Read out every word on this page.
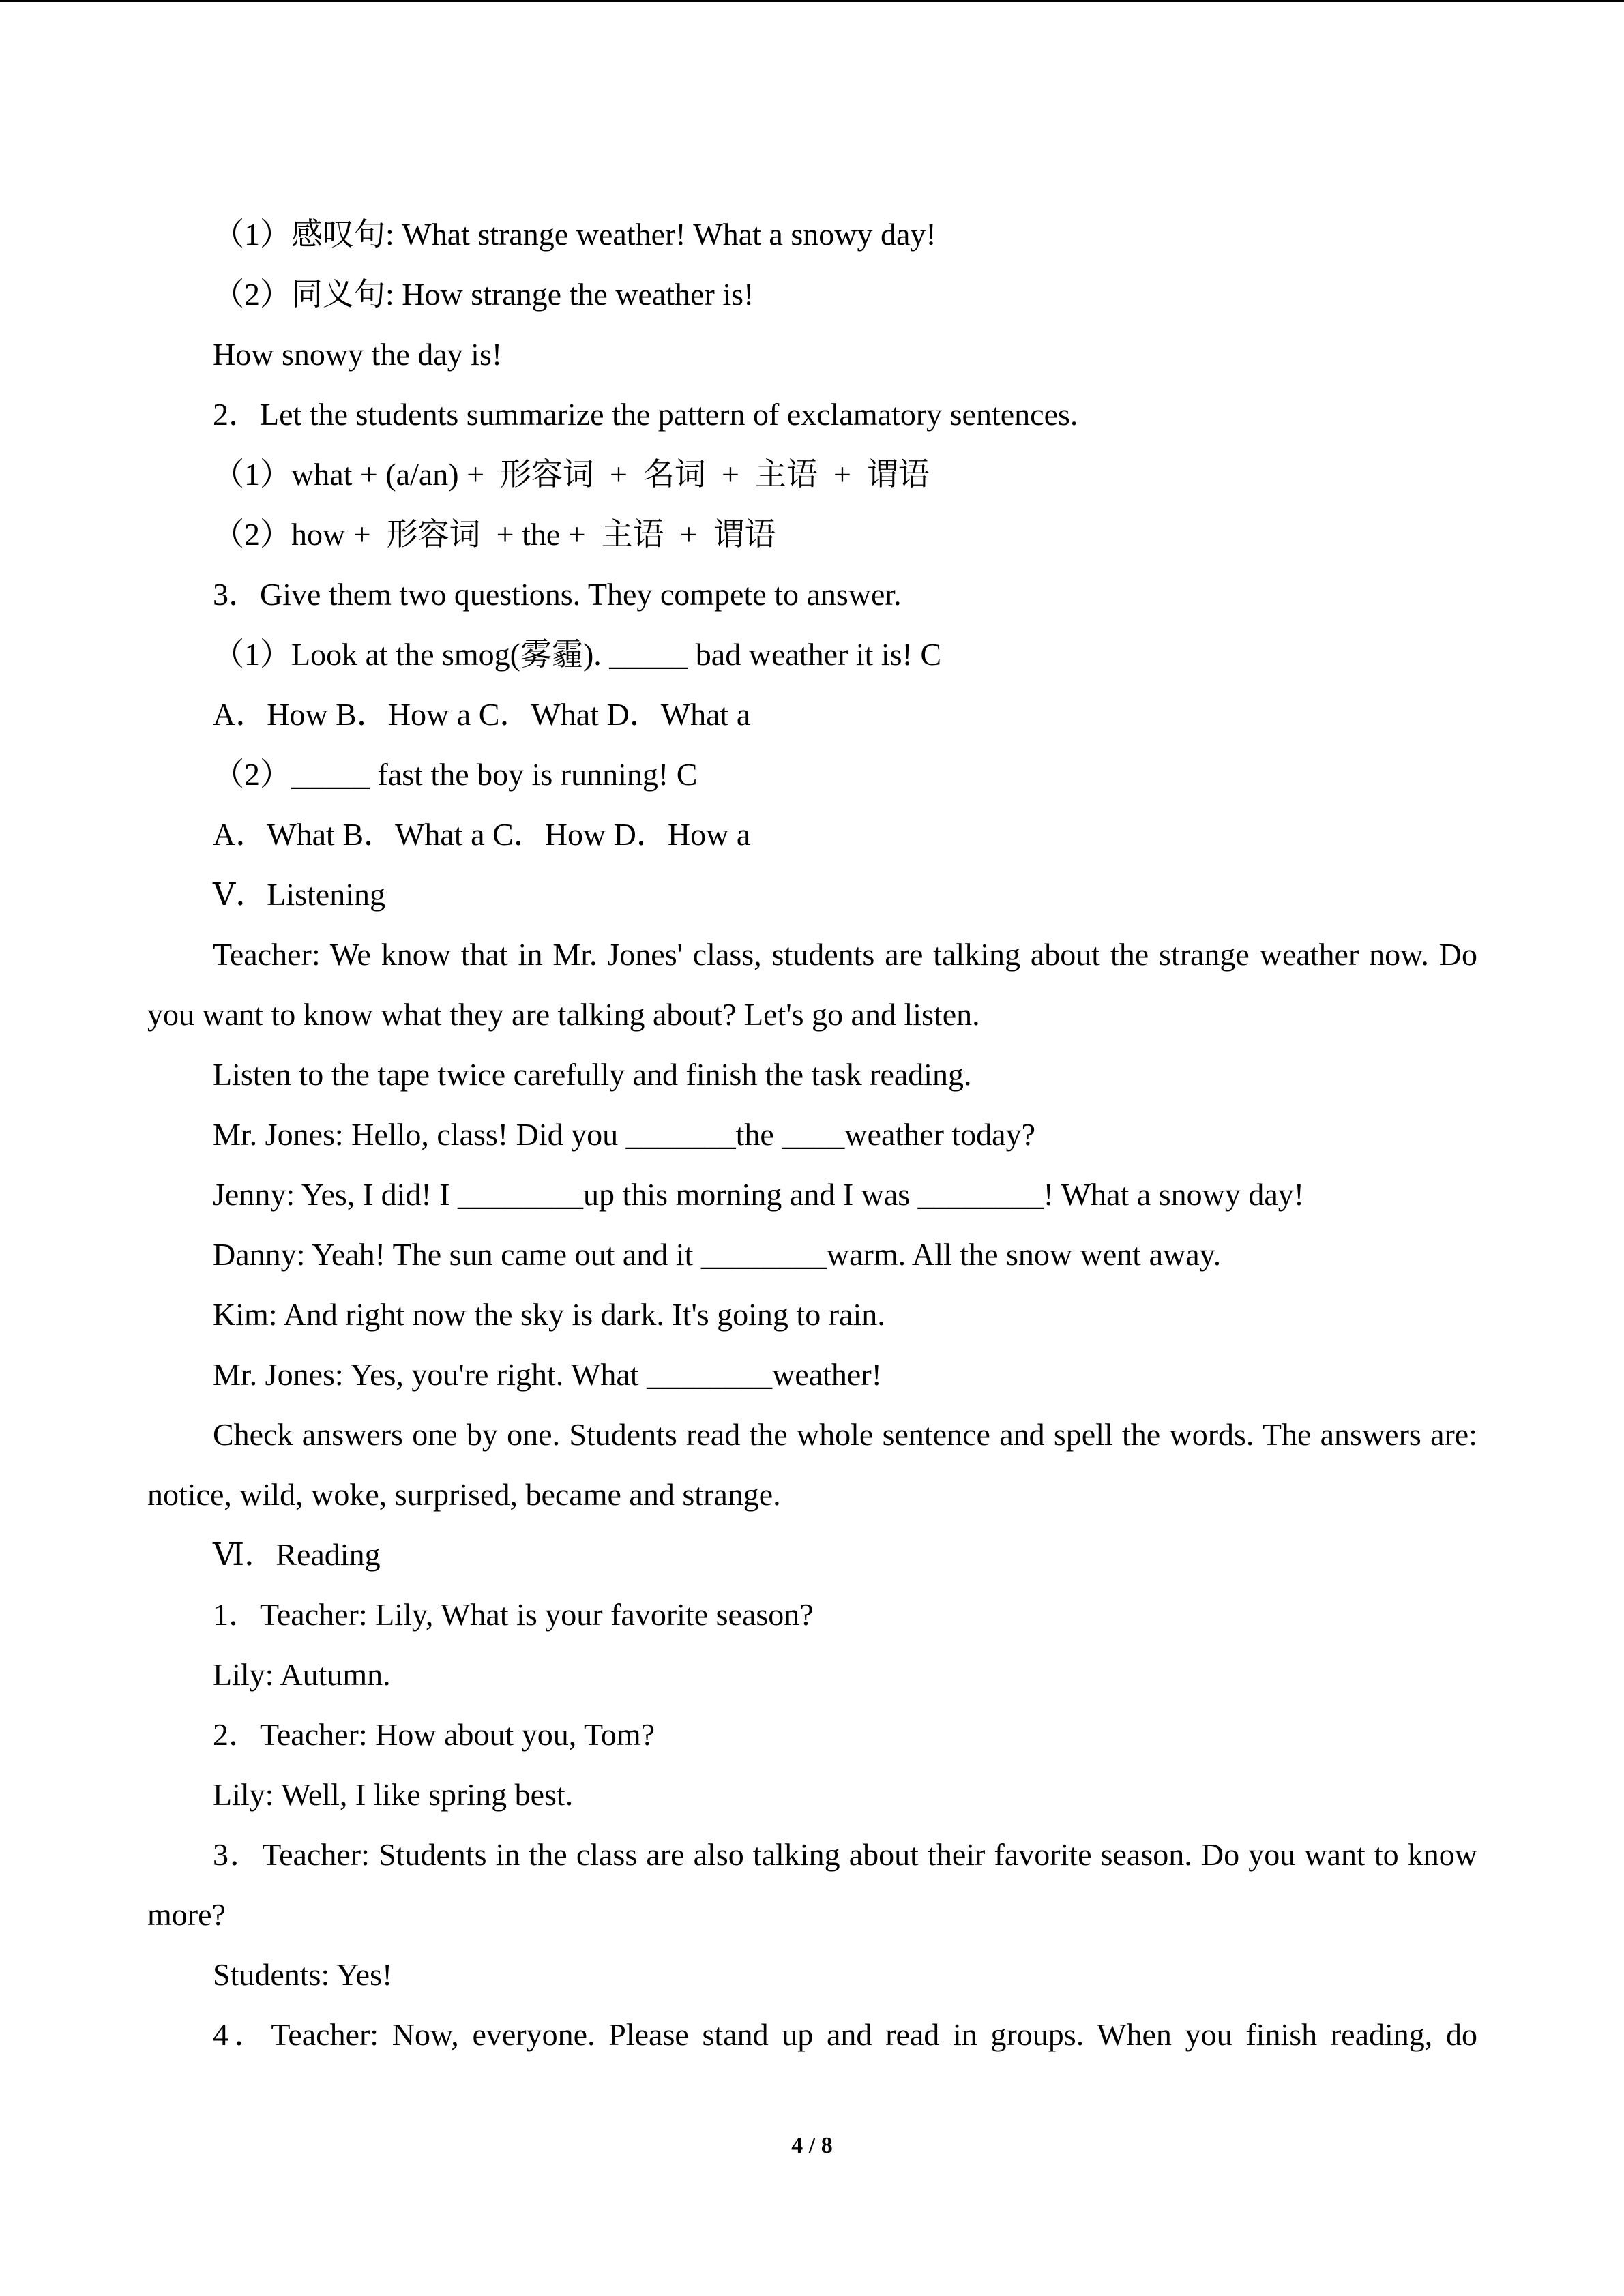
（1）感叹句: What strange weather! What a snowy day!

（2）同义句: How strange the weather is!

How snowy the day is!

2．Let the students summarize the pattern of exclamatory sentences.

（1）what + (a/an) +  形容词  +  名词  +  主语  +  谓语

（2）how +  形容词  + the +  主语  +  谓语

3．Give them two questions. They compete to answer.

（1）Look at the smog(雾霾). _____ bad weather it is! C

A．How B．How a C．What D．What a

（2）_____ fast the boy is running! C

A．What B．What a C．How D．How a

Ⅴ．Listening

Teacher: We know that in Mr. Jones' class, students are talking about the strange weather now. Do you want to know what they are talking about? Let's go and listen.

Listen to the tape twice carefully and finish the task reading.

Mr. Jones: Hello, class! Did you _______the ____weather today?

Jenny: Yes, I did! I ________up this morning and I was ________! What a snowy day!

Danny: Yeah! The sun came out and it ________warm. All the snow went away.

Kim: And right now the sky is dark. It's going to rain.

Mr. Jones: Yes, you're right. What ________weather!

Check answers one by one. Students read the whole sentence and spell the words. The answers are: notice, wild, woke, surprised, became and strange.

Ⅵ．Reading

1．Teacher: Lily, What is your favorite season?

Lily: Autumn.

2．Teacher: How about you, Tom?

Lily: Well, I like spring best.

3．Teacher: Students in the class are also talking about their favorite season. Do you want to know more?

Students: Yes!

4．Teacher: Now, everyone. Please stand up and read in groups. When you finish reading, do

4 / 8
